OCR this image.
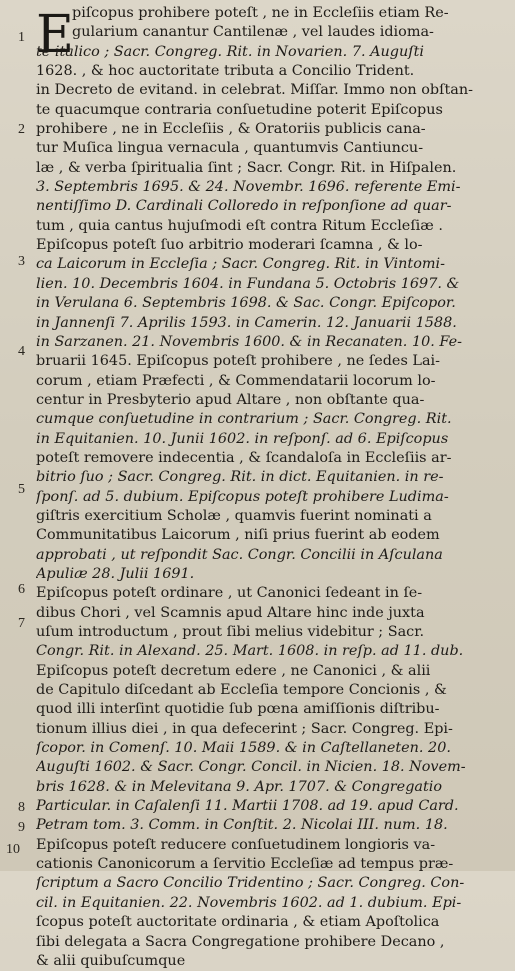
1
2
3
4
5
6
7
8
9
10
E
piſcopus prohibere poteſt , ne in Eccleſiis etiam Re-
gularium canantur Cantilenæ , vel laudes idioma-
te italico ; Sacr. Congreg. Rit. in Novarien. 7. Auguſti
1628. , & hoc auctoritate tributa a Concilio Trident.
in Decreto de evitand. in celebrat. Miſſar. Immo non obſtan-
te quacumque contraria conſuetudine poterit Epiſcopus
prohibere , ne in Eccleſiis , & Oratoriis publicis cana-
tur Muſica lingua vernacula , quantumvis Cantiuncu-
læ , & verba ſpiritualia ſint ; Sacr. Congr. Rit. in Hiſpalen.
3. Septembris 1695. & 24. Novembr. 1696. referente Emi-
nentiſſimo D. Cardinali Colloredo in reſponſione ad quar-
tum , quia cantus hujuſmodi eſt contra Ritum Eccleſiæ .
Epiſcopus poteſt ſuo arbitrio moderari ſcamna , & lo-
ca Laicorum in Eccleſia ; Sacr. Congreg. Rit. in Vintomi-
lien. 10. Decembris 1604. in Fundana 5. Octobris 1697. &
in Verulana 6. Septembris 1698. & Sac. Congr. Epiſcopor.
in Jannenſi 7. Aprilis 1593. in Camerin. 12. Januarii 1588.
in Sarzanen. 21. Novembris 1600. & in Recanaten. 10. Fe-
bruarii 1645. Epiſcopus poteſt prohibere , ne ſedes Lai-
corum , etiam Præfecti , & Commendatarii locorum lo-
centur in Presbyterio apud Altare , non obſtante qua-
cumque conſuetudine in contrarium ; Sacr. Congreg. Rit.
in Equitanien. 10. Junii 1602. in reſponſ. ad 6. Epiſcopus
poteſt removere indecentia , & ſcandaloſa in Eccleſiis ar-
bitrio ſuo ; Sacr. Congreg. Rit. in dict. Equitanien. in re-
ſponſ. ad 5. dubium. Epiſcopus poteſt prohibere Ludima-
giſtris exercitium Scholæ , quamvis fuerint nominati a
Communitatibus Laicorum , niſi prius fuerint ab eodem
approbati , ut reſpondit Sac. Congr. Concilii in Aſculana
Apuliæ 28. Julii 1691.
Epiſcopus poteſt ordinare , ut Canonici ſedeant in ſe-
dibus Chori , vel Scamnis apud Altare hinc inde juxta
uſum introductum , prout ſibi melius videbitur ; Sacr.
Congr. Rit. in Alexand. 25. Mart. 1608. in reſp. ad 11. dub.
Epiſcopus poteſt decretum edere , ne Canonici , & alii
de Capitulo diſcedant ab Eccleſia tempore Concionis , &
quod illi interſint quotidie ſub pœna amiſſionis diſtribu-
tionum illius diei , in qua defecerint ; Sacr. Congreg. Epi-
ſcopor. in Comenſ. 10. Maii 1589. & in Caſtellaneten. 20.
Auguſti 1602. & Sacr. Congr. Concil. in Nicien. 18. Novem-
bris 1628. & in Melevitana 9. Apr. 1707. & Congregatio
Particular. in Caſalenſi 11. Martii 1708. ad 19. apud Card.
Petram tom. 3. Comm. in Conſtit. 2. Nicolai III. num. 18.
Epiſcopus poteſt reducere conſuetudinem longioris va-
cationis Canonicorum a ſervitio Eccleſiæ ad tempus præ-
ſcriptum a Sacro Concilio Tridentino ; Sacr. Congreg. Con-
cil. in Equitanien. 22. Novembris 1602. ad 1. dubium. Epi-
ſcopus poteſt auctoritate ordinaria , & etiam Apoſtolica
ſibi delegata a Sacra Congregatione prohibere Decano ,
& alii quibuſcumque
